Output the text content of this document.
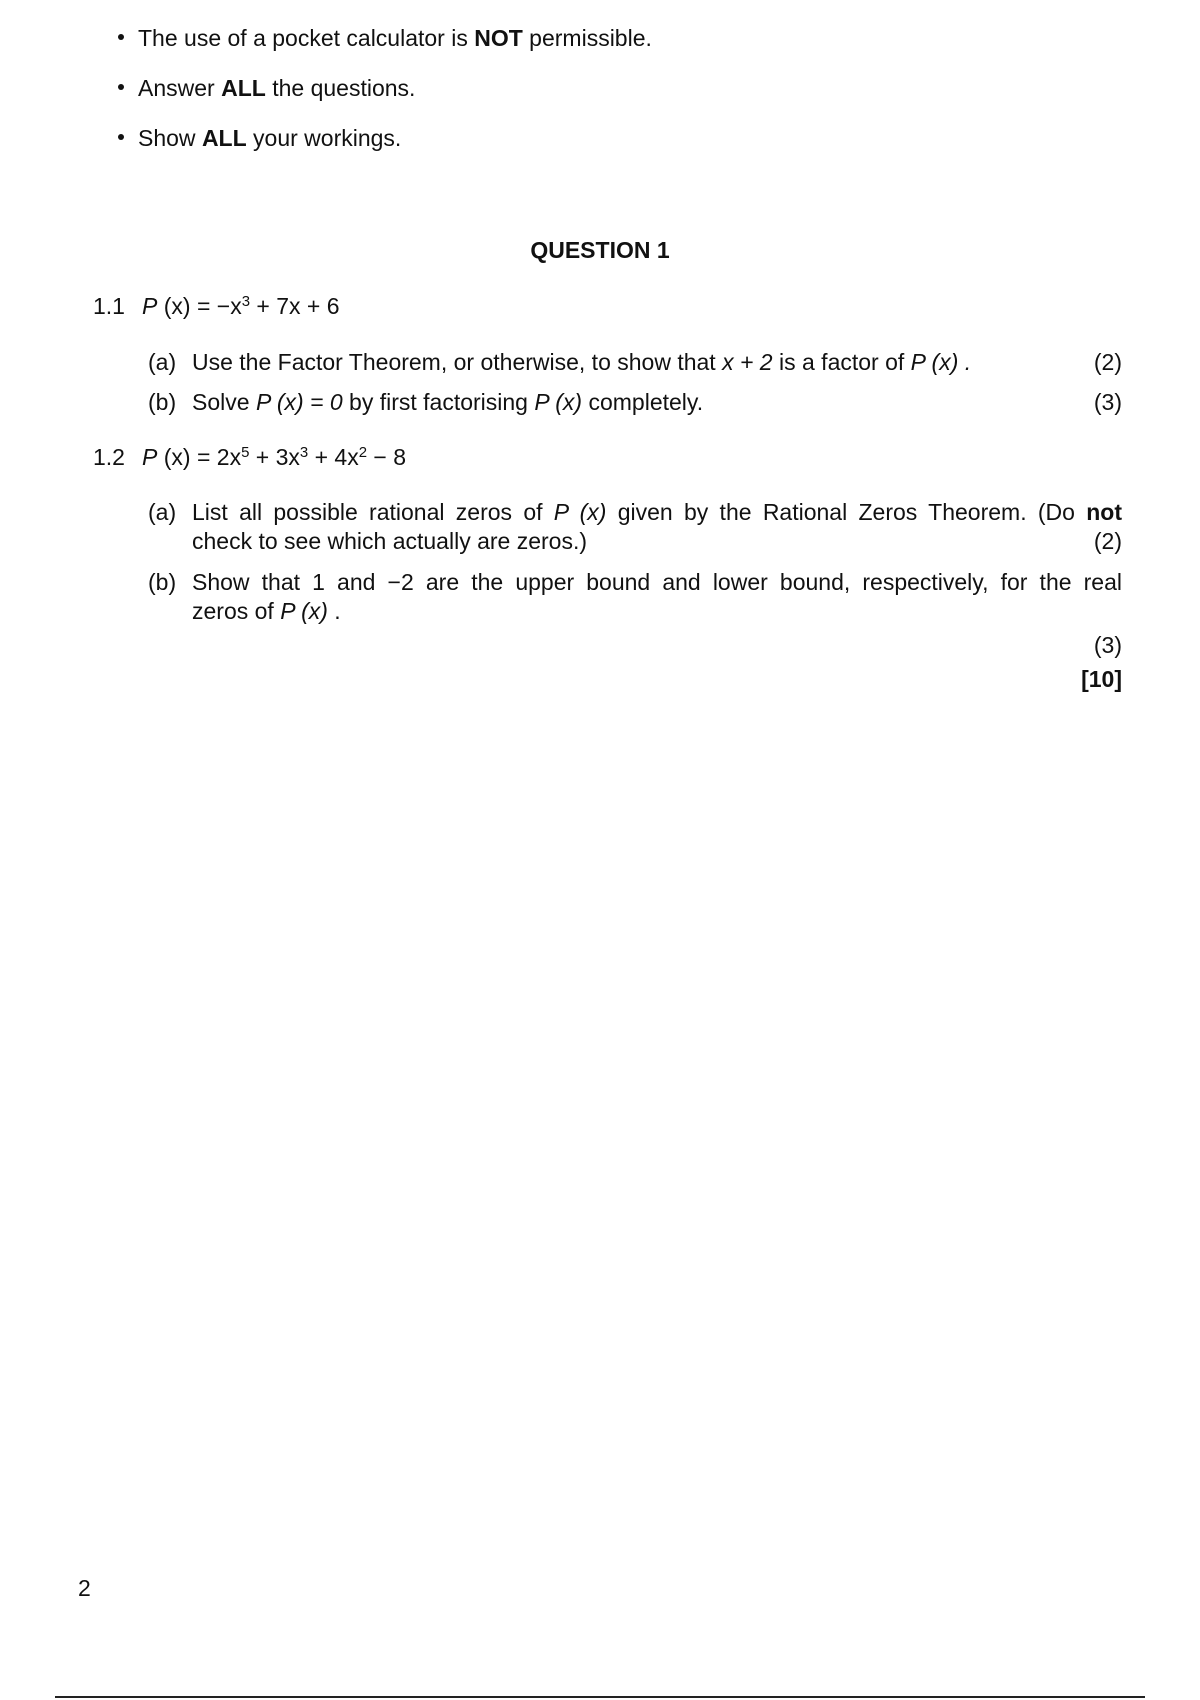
The use of a pocket calculator is NOT permissible.
Answer ALL the questions.
Show ALL your workings.
QUESTION 1
1.1 P $(x) = -x^3 + 7x + 6$
(a) Use the Factor Theorem, or otherwise, to show that x + 2 is a factor of P (x) .	(2)
(b) Solve P (x) = 0 by first factorising P (x) completely.	(3)
1.2 P $(x) = 2x^5 + 3x^3 + 4x^2 - 8$
(a) List all possible rational zeros of P (x) given by the Rational Zeros Theorem. (Do not
check to see which actually are zeros.)	(2)
(b) Show that 1 and −2 are the upper bound and lower bound, respectively, for the real
zeros of P (x) .
(3)
[10]
2
